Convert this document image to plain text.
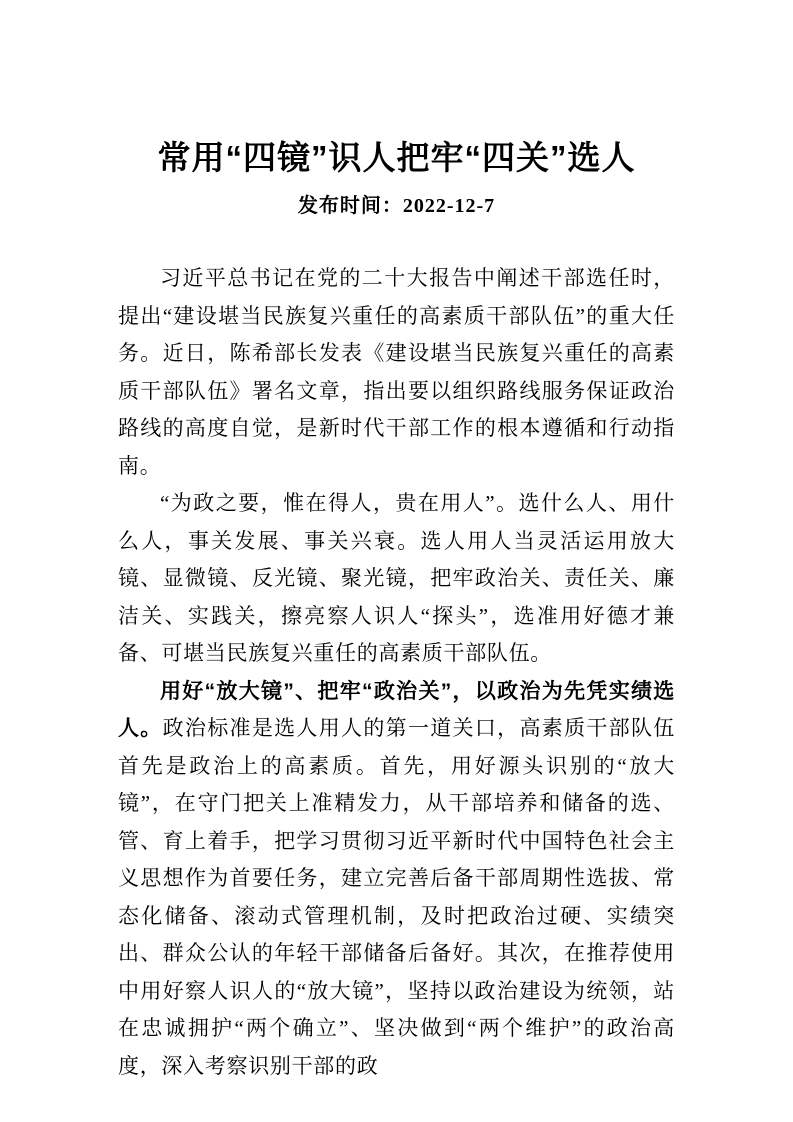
常用“四镜”识人把牢“四关”选人
发布时间：2022-12-7

习近平总书记在党的二十大报告中阐述干部选任时，提出“建设堪当民族复兴重任的高素质干部队伍”的重大任务。近日，陈希部长发表《建设堪当民族复兴重任的高素质干部队伍》署名文章，指出要以组织路线服务保证政治路线的高度自觉，是新时代干部工作的根本遵循和行动指南。

“为政之要，惟在得人，贵在用人”。选什么人、用什么人，事关发展、事关兴衰。选人用人当灵活运用放大镜、显微镜、反光镜、聚光镜，把牢政治关、责任关、廉洁关、实践关，擦亮察人识人“探头”，选准用好德才兼备、可堪当民族复兴重任的高素质干部队伍。

用好“放大镜”、把牢“政治关”，以政治为先凭实绩选人。政治标准是选人用人的第一道关口，高素质干部队伍首先是政治上的高素质。首先，用好源头识别的“放大镜”，在守门把关上准精发力，从干部培养和储备的选、管、育上着手，把学习贯彻习近平新时代中国特色社会主义思想作为首要任务，建立完善后备干部周期性选拔、常态化储备、滚动式管理机制，及时把政治过硬、实绩突出、群众公认的年轻干部储备后备好。其次，在推荐使用中用好察人识人的“放大镜”，坚持以政治建设为统领，站在忠诚拥护“两个确立”、坚决做到“两个维护”的政治高度，深入考察识别干部的政
